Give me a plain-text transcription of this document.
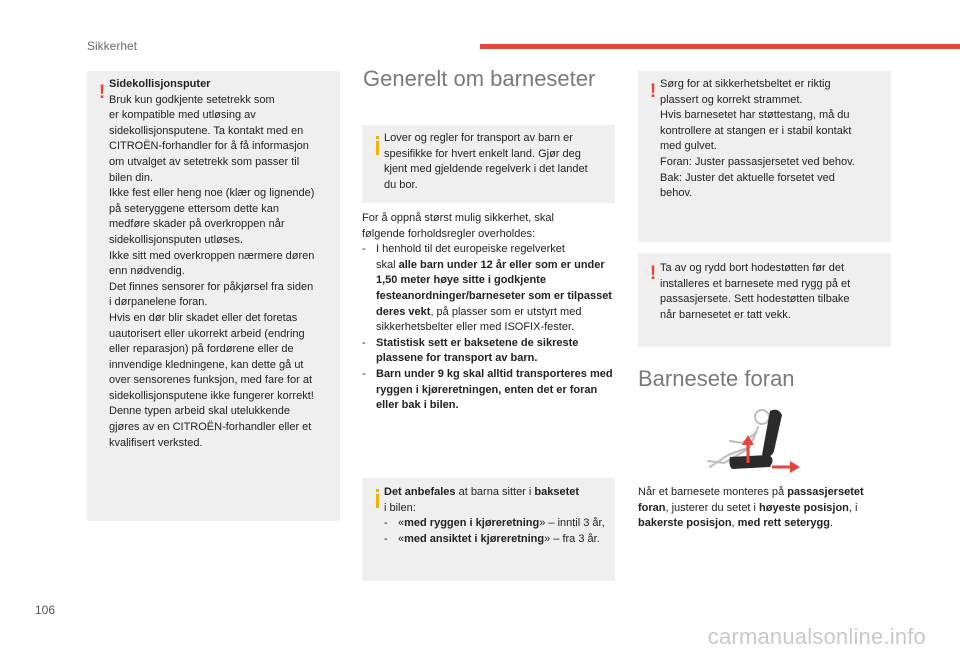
Sikkerhet
! Sidekollisjonsputer

Bruk kun godkjente setetrekk som

er kompatible med utløsing av

sidekollisjonsputene. Ta kontakt med en

CITROËN-forhandler for å få informasjon

om utvalget av setetrekk som passer til

bilen din.

Ikke fest eller heng noe (klær og lignende)

på seteryggene ettersom dette kan

medføre skader på overkroppen når

sidekollisjonsputen utløses.

Ikke sitt med overkroppen nærmere døren

enn nødvendig.

Det finnes sensorer for påkjørsel fra siden

i dørpanelene foran.

Hvis en dør blir skadet eller det foretas

uautorisert eller ukorrekt arbeid (endring

eller reparasjon) på fordørene eller de

innvendige kledningene, kan dette gå ut

over sensorenes funksjon, med fare for at

sidekollisjonsputene ikke fungerer korrekt!

Denne typen arbeid skal utelukkende

gjøres av en CITROËN-forhandler eller et

kvalifisert verksted.

Generelt om barneseter

Lover og regler for transport av barn er

spesifikke for hvert enkelt land. Gjør deg

kjent med gjeldende regelverk i det landet

du bor.

For å oppnå størst mulig sikkerhet, skal

følgende forholdsregler overholdes:

- I henhold til det europeiske regelverket
skal alle barn under 12 år eller som er under 1,50 meter høye sitte i godkjente festeanordninger/barneseter som er tilpasset deres vekt, på plasser som er utstyrt med sikkerhetsbelter eller med ISOFIX-fester.
- Statistisk sett er baksetene de sikreste plassene for transport av barn.
- Barn under 9 kg skal alltid transporteres med ryggen i kjøreretningen, enten det er foran eller bak i bilen.

Det anbefales at barna sitter i baksetet

i bilen:

- «med ryggen i kjøreretning» – inntil 3 år,
- «med ansiktet i kjøreretning» – fra 3 år.
! Sørg for at sikkerhetsbeltet er riktig

plassert og korrekt strammet.

Hvis barnesetet har støttestang, må du

kontrollere at stangen er i stabil kontakt

med gulvet.

Foran: Juster passasjersetet ved behov.

Bak: Juster det aktuelle forsetet ved

behov.

! Ta av og rydd bort hodestøtten før det

installeres et barnesete med rygg på et

passasjersete. Sett hodestøtten tilbake

når barnesetet er tatt vekk.

Barnesete foran

Når et barnesete monteres på passasjersetet foran, justerer du setet i høyeste posisjon, i bakerste posisjon, med rett seterygg.

106
carmanualsonline.info
